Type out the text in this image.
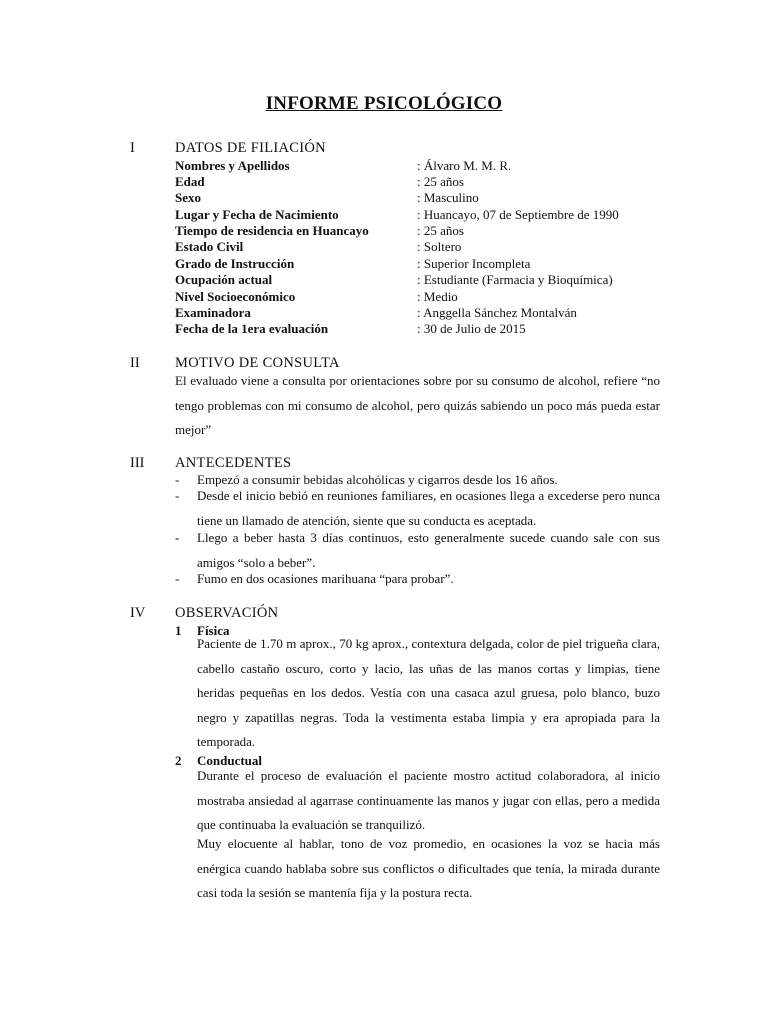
INFORME PSICOLÓGICO
I	DATOS DE FILIACIÓN
Nombres y Apellidos	: Álvaro M. M. R.
Edad	: 25 años
Sexo	: Masculino
Lugar y Fecha de Nacimiento	: Huancayo, 07 de Septiembre de 1990
Tiempo de residencia en Huancayo	: 25 años
Estado Civil	: Soltero
Grado de Instrucción	: Superior Incompleta
Ocupación actual	: Estudiante (Farmacia y Bioquímica)
Nivel Socioeconómico	: Medio
Examinadora	: Anggella Sánchez Montalván
Fecha de la 1era evaluación	: 30 de Julio de 2015
II MOTIVO DE CONSULTA
El evaluado viene a consulta por orientaciones sobre por su consumo de alcohol, refiere “no tengo problemas con mi consumo de alcohol, pero quizás sabiendo un poco más pueda estar mejor”
III ANTECEDENTES
- Empezó a consumir bebidas alcohólicas y cigarros desde los 16 años.
- Desde el inicio bebió en reuniones familiares, en ocasiones llega a excederse pero nunca tiene un llamado de atención, siente que su conducta es aceptada.
- Llego a beber hasta 3 días continuos, esto generalmente sucede cuando sale con sus amigos “solo a beber”.
- Fumo en dos ocasiones marihuana “para probar”.
IV OBSERVACIÓN
1 Física
Paciente de 1.70 m aprox., 70 kg aprox., contextura delgada, color de piel trigueña clara, cabello castaño oscuro, corto y lacio, las uñas de las manos cortas y limpias, tiene heridas pequeñas en los dedos. Vestía con una casaca azul gruesa, polo blanco, buzo negro y zapatillas negras. Toda la vestimenta estaba limpia y era apropiada para la temporada.
2 Conductual
Durante el proceso de evaluación el paciente mostro actitud colaboradora, al inicio mostraba ansiedad al agarrase continuamente las manos y jugar con ellas, pero a medida que continuaba la evaluación se tranquilizó.
Muy elocuente al hablar, tono de voz promedio, en ocasiones la voz se hacia más enérgica cuando hablaba sobre sus conflictos o dificultades que tenía, la mirada durante casi toda la sesión se mantenía fija y la postura recta.
